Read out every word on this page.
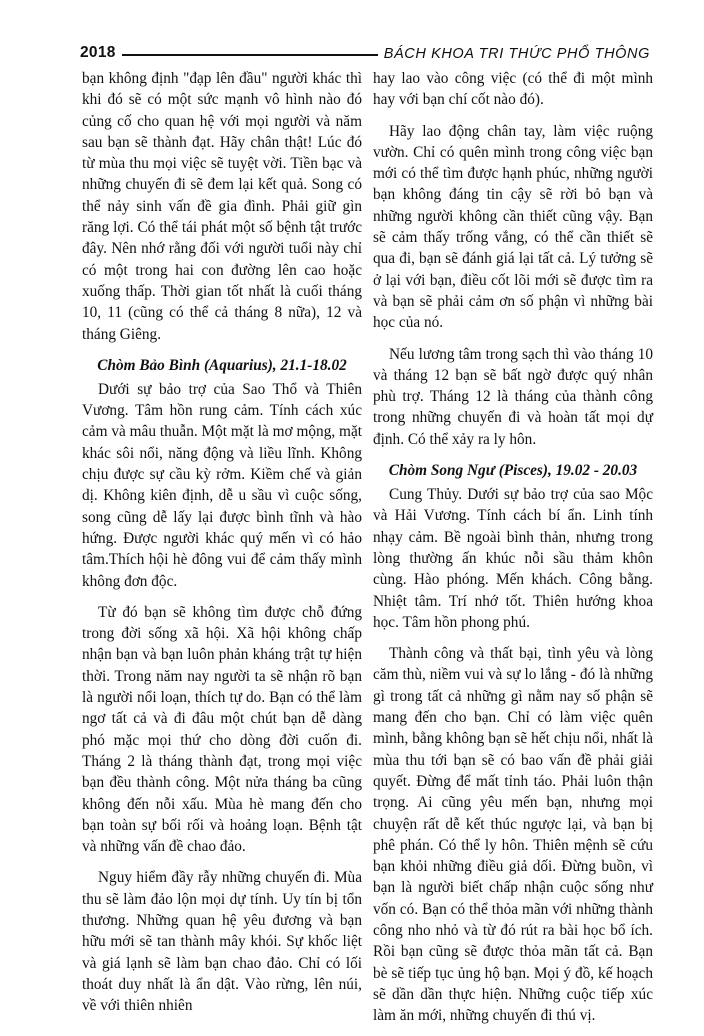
2018	BÁCH KHOA TRI THỨC PHỔ THÔNG

bạn không định "đạp lên đầu" người khác thì khi đó sẽ có một sức mạnh vô hình nào đó củng cố cho quan hệ với mọi người và năm sau bạn sẽ thành đạt. Hãy chân thật! Lúc đó từ mùa thu mọi việc sẽ tuyệt vời. Tiền bạc và những chuyến đi sẽ đem lại kết quả. Song có thể nảy sinh vấn đề gia đình. Phải giữ gìn răng lợi. Có thể tái phát một số bệnh tật trước đây. Nên nhớ rằng đối với người tuổi này chỉ có một trong hai con đường lên cao hoặc xuống thấp. Thời gian tốt nhất là cuối tháng 10, 11 (cũng có thể cả tháng 8 nữa), 12 và tháng Giêng.

Chòm Bảo Bình (Aquarius), 21.1-18.02

Dưới sự bảo trợ của Sao Thổ và Thiên Vương. Tâm hồn rung cảm. Tính cách xúc cảm và mâu thuẫn. Một mặt là mơ mộng, mặt khác sôi nổi, năng động và liều lĩnh. Không chịu được sự cầu kỳ rởm. Kiềm chế và giản dị. Không kiên định, dễ u sầu vì cuộc sống, song cũng dễ lấy lại được bình tĩnh và hào hứng. Được người khác quý mến vì có hảo tâm.Thích hội hè đông vui để cảm thấy mình không đơn độc.

Từ đó bạn sẽ không tìm được chỗ đứng trong đời sống xã hội. Xã hội không chấp nhận bạn và bạn luôn phản kháng trật tự hiện thời. Trong năm nay người ta sẽ nhận rõ bạn là người nổi loạn, thích tự do. Bạn có thể làm ngơ tất cả và đi đâu một chút bạn dễ dàng phó mặc mọi thứ cho dòng đời cuốn đi. Tháng 2 là tháng thành đạt, trong mọi việc bạn đều thành công. Một nửa tháng ba cũng không đến nỗi xấu. Mùa hè mang đến cho bạn toàn sự bối rối và hoảng loạn. Bệnh tật và những vấn đề chao đảo.

Nguy hiểm đầy rẫy những chuyến đi. Mùa thu sẽ làm đảo lộn mọi dự tính. Uy tín bị tổn thương. Những quan hệ yêu đương và bạn hữu mới sẽ tan thành mây khói. Sự khốc liệt và giá lạnh sẽ làm bạn chao đảo. Chỉ có lối thoát duy nhất là ẩn dật. Vào rừng, lên núi, về với thiên nhiên

hay lao vào công việc (có thể đi một mình hay với bạn chí cốt nào đó).

Hãy lao động chân tay, làm việc ruộng vườn. Chỉ có quên mình trong công việc bạn mới có thể tìm được hạnh phúc, những người bạn không đáng tin cậy sẽ rời bỏ bạn và những người không cần thiết cũng vậy. Bạn sẽ cảm thấy trống vắng, có thể cần thiết sẽ qua đi, bạn sẽ đánh giá lại tất cả. Lý tưởng sẽ ở lại với bạn, điều cốt lõi mới sẽ được tìm ra và bạn sẽ phải cảm ơn số phận vì những bài học của nó.

Nếu lương tâm trong sạch thì vào tháng 10 và tháng 12 bạn sẽ bất ngờ được quý nhân phù trợ. Tháng 12 là tháng của thành công trong những chuyến đi và hoàn tất mọi dự định. Có thể xảy ra ly hôn.

Chòm Song Ngư (Pisces), 19.02 - 20.03

Cung Thủy. Dưới sự bảo trợ của sao Mộc và Hải Vương. Tính cách bí ẩn. Linh tính nhạy cảm. Bề ngoài bình thản, nhưng trong lòng thường ấn khúc nỗi sầu thảm khôn cùng. Hào phóng. Mến khách. Công bằng. Nhiệt tâm. Trí nhớ tốt. Thiên hướng khoa học. Tâm hồn phong phú.

Thành công và thất bại, tình yêu và lòng căm thù, niềm vui và sự lo lắng - đó là những gì trong tất cả những gì nằm nay số phận sẽ mang đến cho bạn. Chỉ có làm việc quên mình, bằng không bạn sẽ hết chịu nổi, nhất là mùa thu tới bạn sẽ có bao vấn đề phải giải quyết. Đừng để mất tỉnh táo. Phải luôn thận trọng. Ai cũng yêu mến bạn, nhưng mọi chuyện rất dễ kết thúc ngược lại, và bạn bị phê phán. Có thể ly hôn. Thiên mệnh sẽ cứu bạn khỏi những điều giả dối. Đừng buồn, vì bạn là người biết chấp nhận cuộc sống như vốn có. Bạn có thể thỏa mãn với những thành công nho nhỏ và từ đó rút ra bài học bổ ích. Rồi bạn cũng sẽ được thỏa mãn tất cả. Bạn bè sẽ tiếp tục ủng hộ bạn. Mọi ý đồ, kế hoạch sẽ dần dần thực hiện. Những cuộc tiếp xúc làm ăn mới, những chuyến đi thú vị.
